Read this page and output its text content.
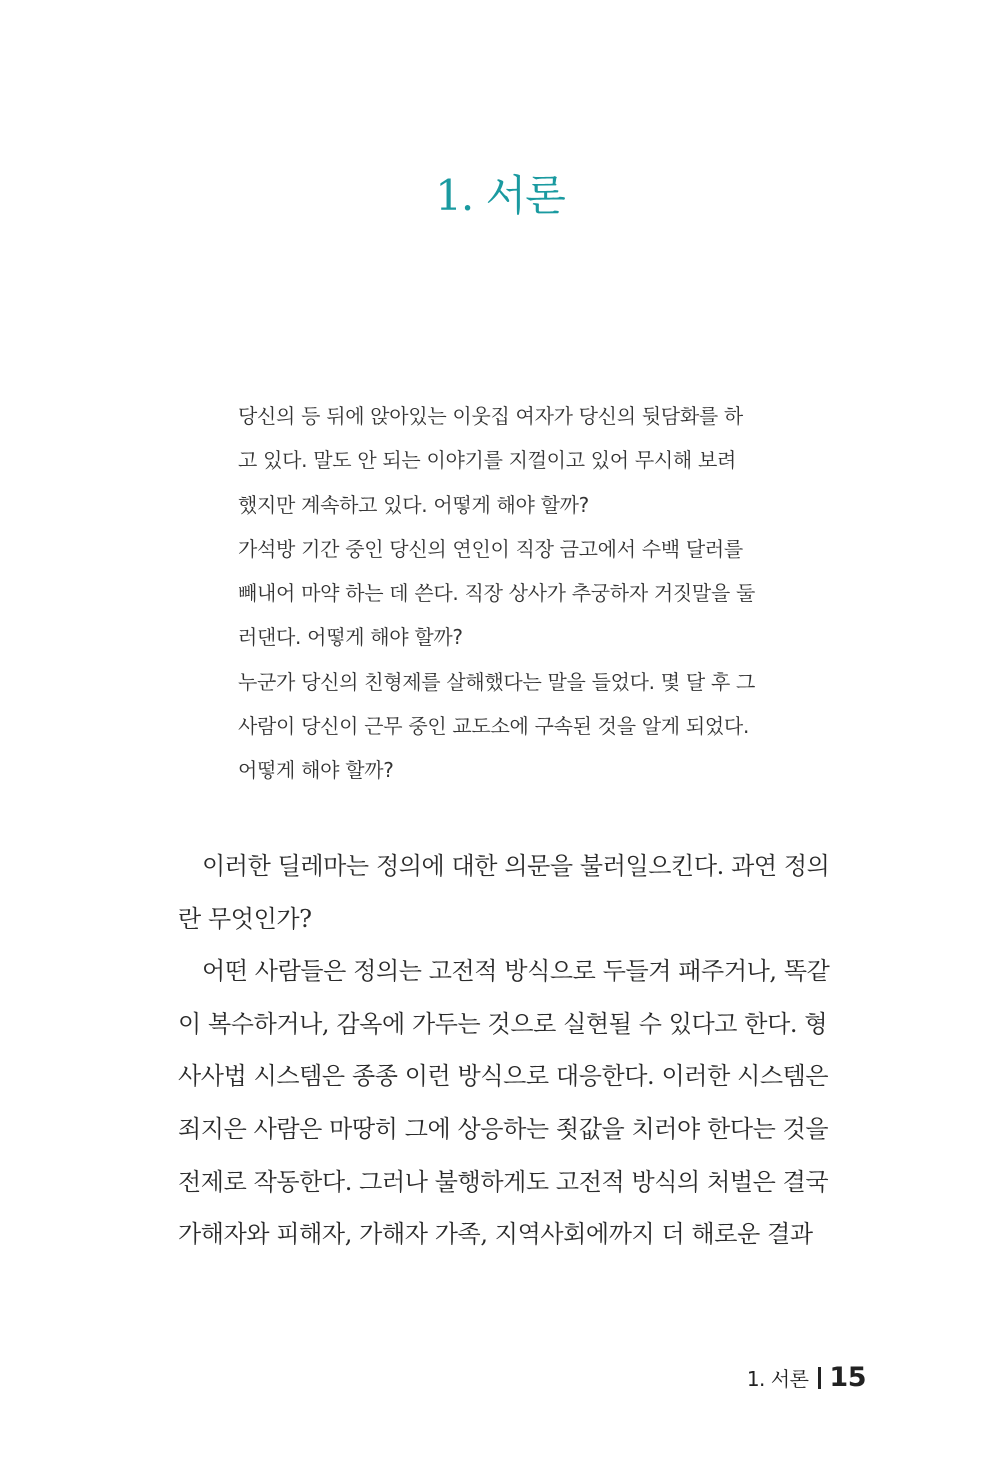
1. 서론
당신의 등 뒤에 앉아있는 이웃집 여자가 당신의 뒷담화를 하
고 있다. 말도 안 되는 이야기를 지껄이고 있어 무시해 보려
했지만 계속하고 있다. 어떻게 해야 할까?
가석방 기간 중인 당신의 연인이 직장 금고에서 수백 달러를
빼내어 마약 하는 데 쓴다. 직장 상사가 추궁하자 거짓말을 둘
러댄다. 어떻게 해야 할까?
누군가 당신의 친형제를 살해했다는 말을 들었다. 몇 달 후 그
사람이 당신이 근무 중인 교도소에 구속된 것을 알게 되었다.
어떻게 해야 할까?
이러한 딜레마는 정의에 대한 의문을 불러일으킨다. 과연 정의
란 무엇인가?
어떤 사람들은 정의는 고전적 방식으로 두들겨 패주거나, 똑같
이 복수하거나, 감옥에 가두는 것으로 실현될 수 있다고 한다. 형
사사법 시스템은 종종 이런 방식으로 대응한다. 이러한 시스템은
죄지은 사람은 마땅히 그에 상응하는 죗값을 치러야 한다는 것을
전제로 작동한다. 그러나 불행하게도 고전적 방식의 처벌은 결국
가해자와 피해자, 가해자 가족, 지역사회에까지 더 해로운 결과
1. 서론 15
